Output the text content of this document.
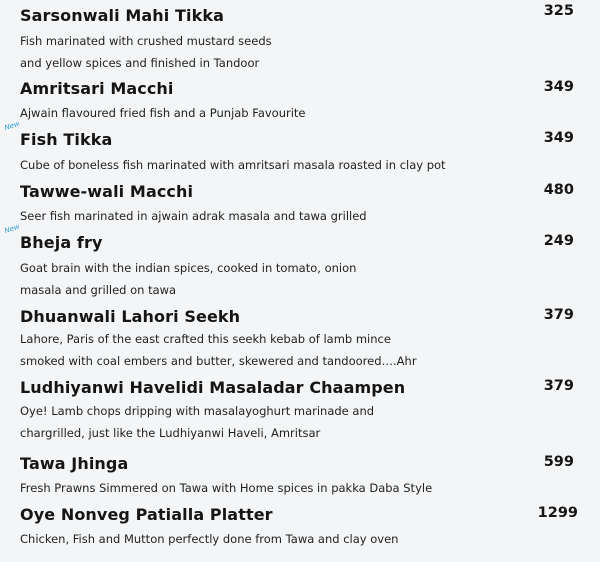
Sarsonwali Mahi Tikka	325
Fish marinated with crushed mustard seeds
and yellow spices and finished in Tandoor
Amritsari Macchi	349
Ajwain flavoured fried fish and a Punjab Favourite
New
Fish Tikka	349
Cube of boneless fish marinated with amritsari masala roasted in clay pot
Tawwe-wali Macchi	480
Seer fish marinated in ajwain adrak masala and tawa grilled
New
Bheja fry	249
Goat brain with the indian spices, cooked in tomato, onion
masala and grilled on tawa
Dhuanwali Lahori Seekh	379
Lahore, Paris of the east crafted this seekh kebab of lamb mince
smoked with coal embers and butter, skewered and tandoored….Ahr
Ludhiyanwi Havelidi Masaladar Chaampen	379
Oye! Lamb chops dripping with masalayoghurt marinade and
chargrilled, just like the Ludhiyanwi Haveli, Amritsar
Tawa Jhinga	599
Fresh Prawns Simmered on Tawa with Home spices in pakka Daba Style
Oye Nonveg Patialla Platter	1299
Chicken, Fish and Mutton perfectly done from Tawa and clay oven
